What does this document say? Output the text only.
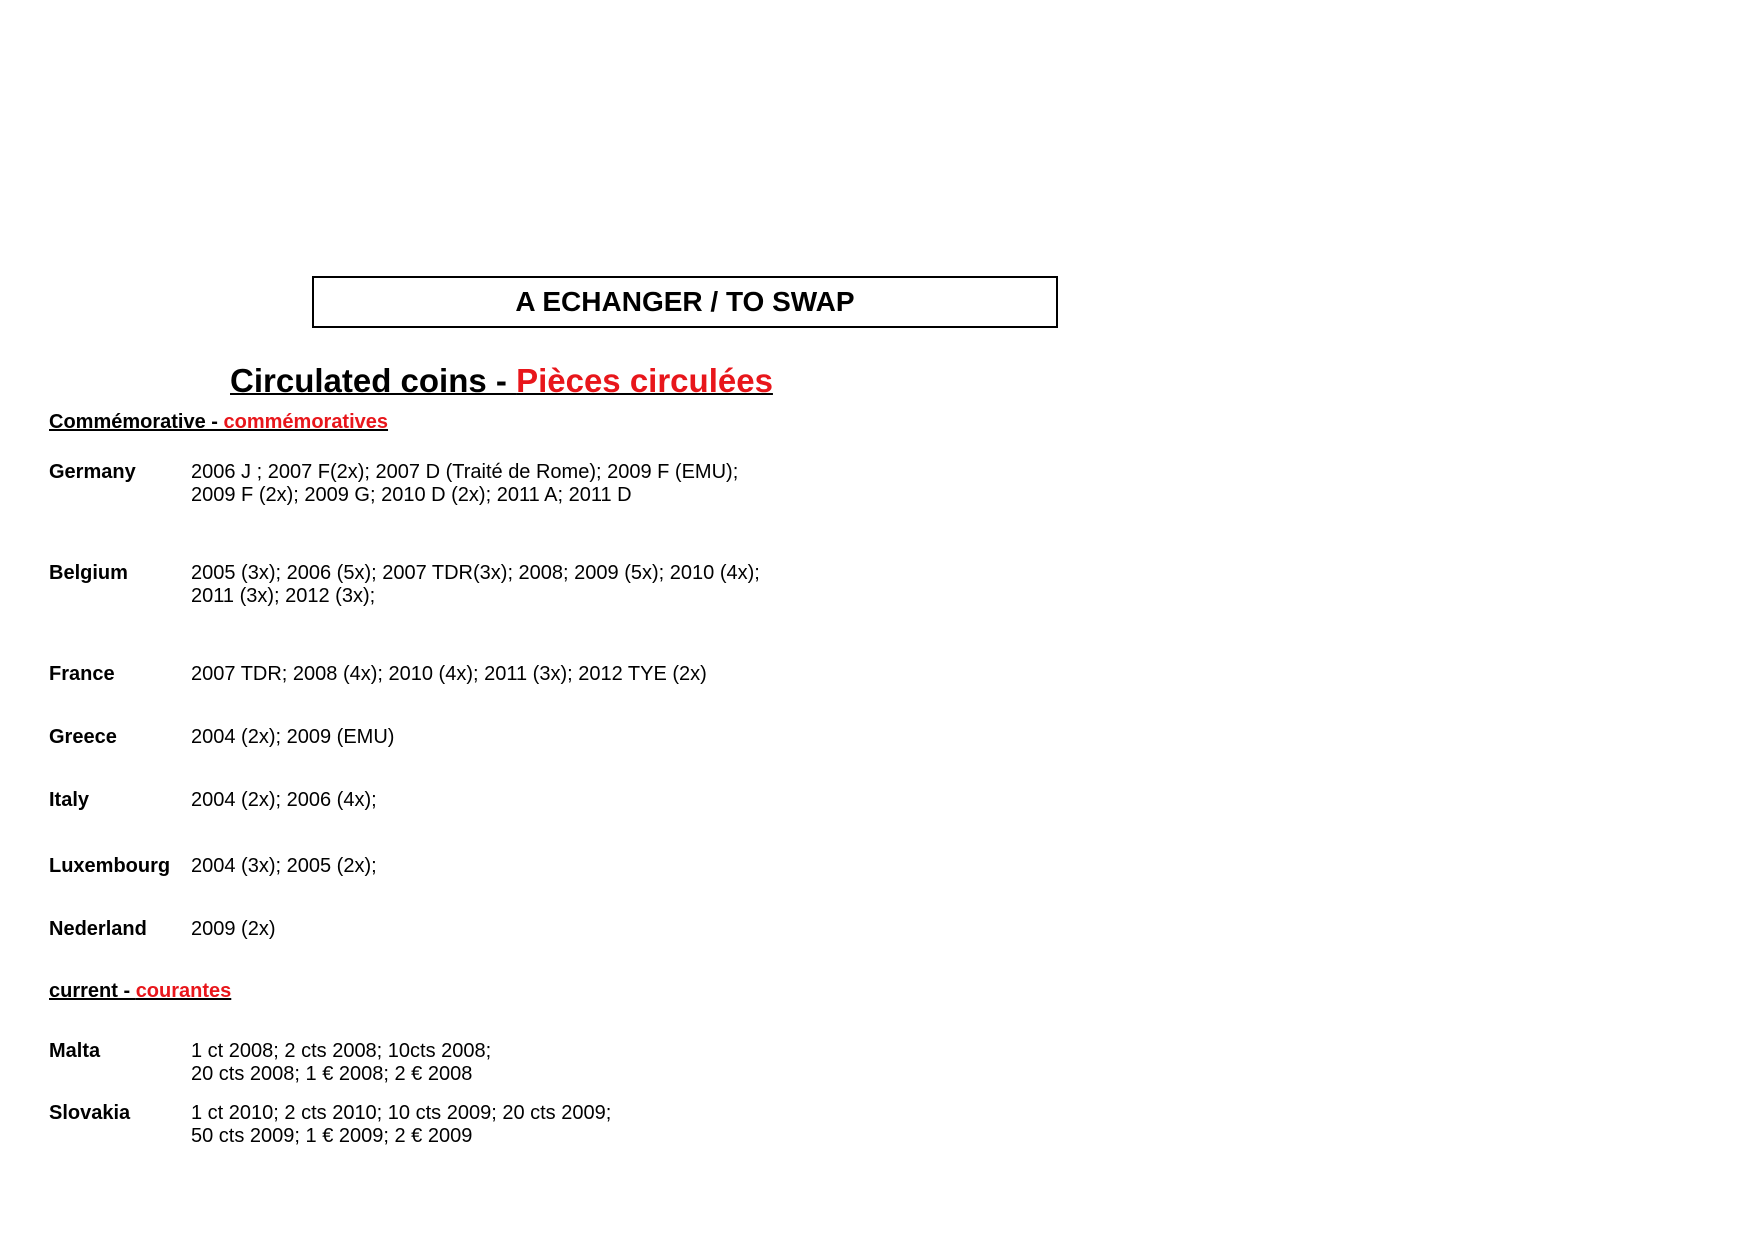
A ECHANGER / TO SWAP
Circulated coins - Pièces circulées
Commémorative - commémoratives
Germany	2006 J ; 2007 F(2x); 2007 D (Traité de Rome); 2009 F (EMU);
2009 F (2x); 2009 G; 2010 D (2x); 2011 A; 2011 D
Belgium	2005 (3x); 2006 (5x); 2007 TDR(3x); 2008; 2009 (5x); 2010 (4x);
2011 (3x); 2012 (3x);
France	2007 TDR; 2008 (4x); 2010 (4x); 2011 (3x); 2012 TYE (2x)
Greece	2004 (2x); 2009 (EMU)
Italy	2004 (2x); 2006 (4x);
Luxembourg 2004 (3x); 2005 (2x);
Nederland 2009 (2x)
current - courantes
Malta	1 ct 2008; 2 cts 2008; 10cts 2008;
20 cts 2008; 1 € 2008; 2 € 2008
Slovakia	1 ct 2010; 2 cts 2010; 10 cts 2009; 20 cts 2009;
50 cts 2009; 1 € 2009; 2 € 2009
